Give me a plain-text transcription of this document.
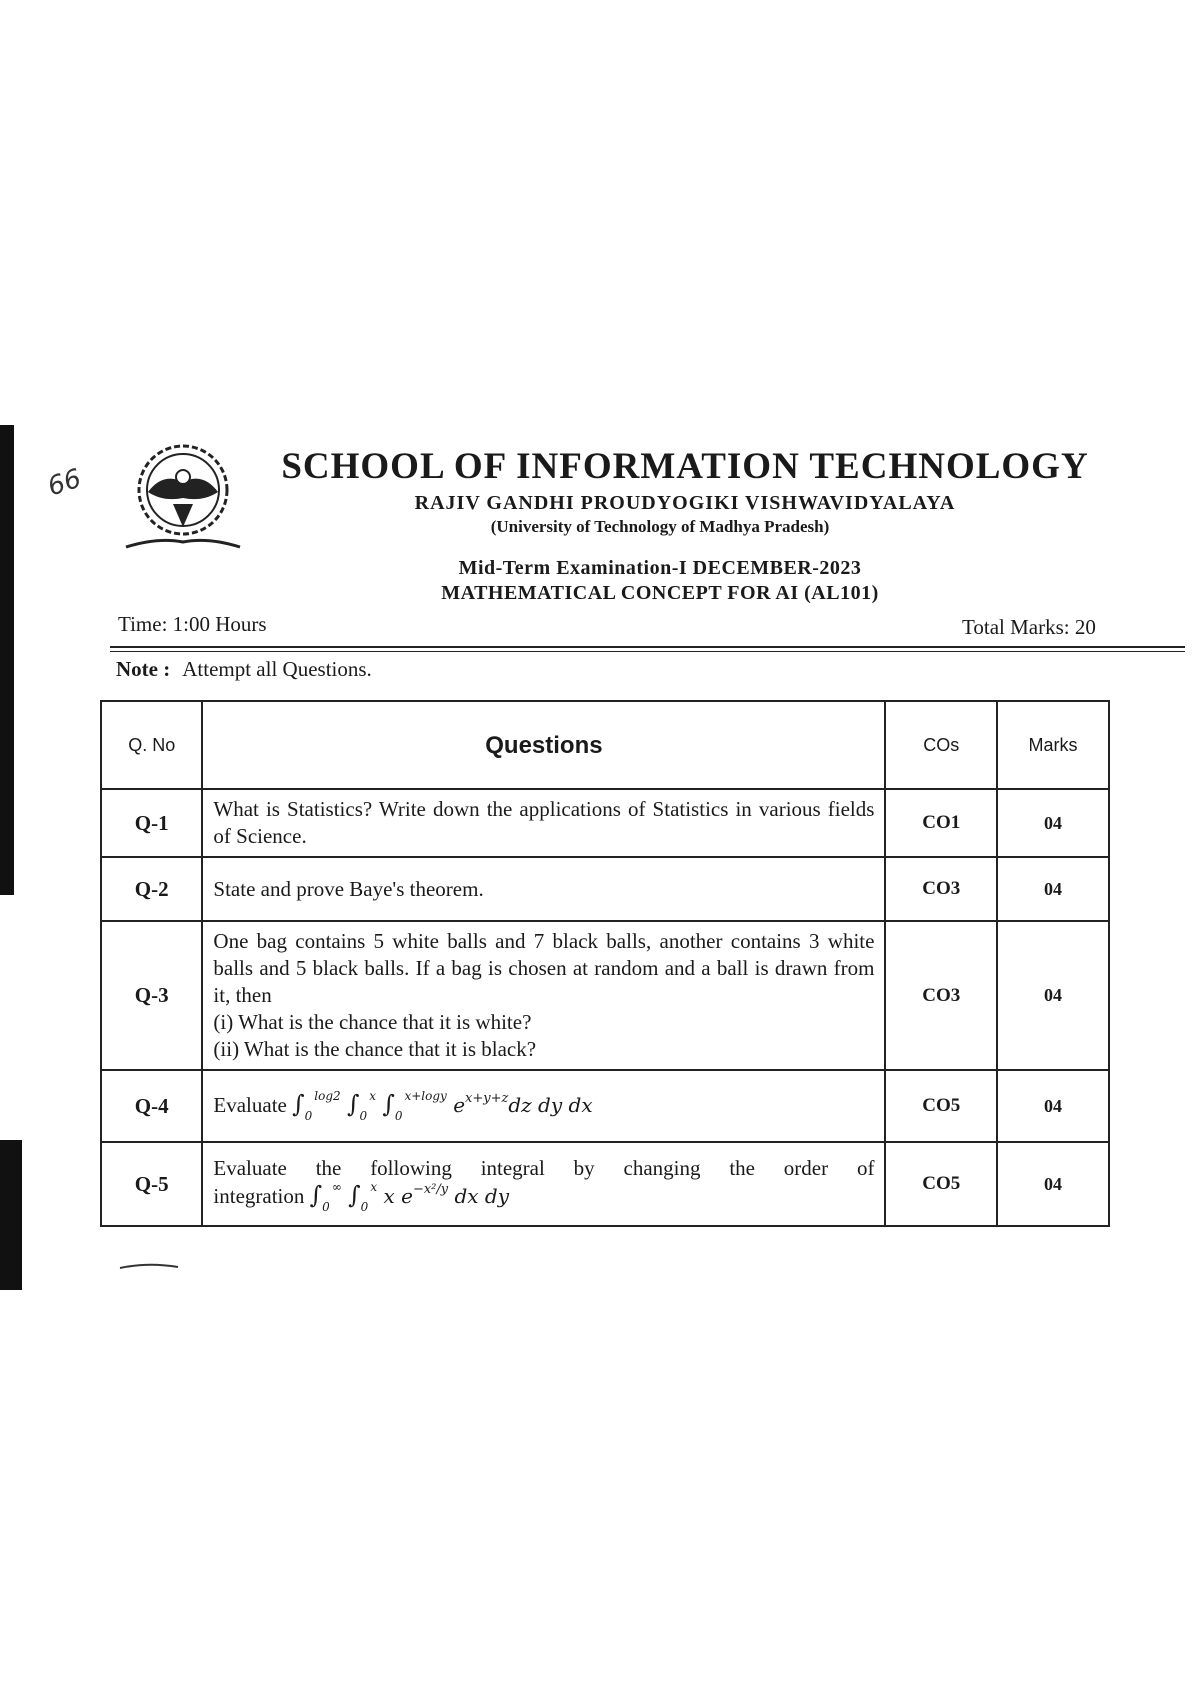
66	SCHOOL OF INFORMATION TECHNOLOGY
RAJIV GANDHI PROUDYOGIKI VISHWAVIDYALAYA
(University of Technology of Madhya Pradesh)
Mid-Term Examination-I DECEMBER-2023
MATHEMATICAL CONCEPT FOR AI (AL101)
Time: 1:00 Hours	Total Marks: 20
Note : Attempt all Questions.
Q. No	Questions	COs	Marks
Q-1	What is Statistics? Write down the applications of Statistics in various fields of Science.	CO1	04
Q-2	State and prove Baye's theorem.	CO3	04
Q-3	One bag contains 5 white balls and 7 black balls, another contains 3 white balls and 5 black balls. If a bag is chosen at random and a ball is drawn from it, then
(i) What is the chance that it is white?
(ii) What is the chance that it is black?	CO3	04
Q-4	Evaluate $\int_0^{log2}$ $\int_0^x$ $\int_0^{x+logy}$ $e^{x+y+z}dz$ dy dx	CO5	04
Q-5	Evaluate the following integral by changing the order of
integration $\int_0^\infty$ $\int_0^x$ x $e^{-x^2/y}$ dx dy	CO5	04
